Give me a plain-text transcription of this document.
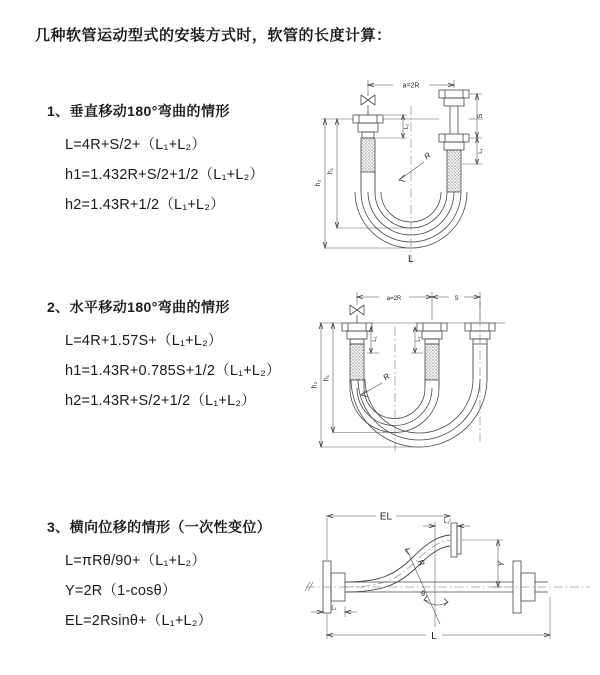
几种软管运动型式的安装方式时，软管的长度计算：
1、垂直移动180°弯曲的情形
L=4R+S/2+（L₁+L₂）
h1=1.432R+S/2+1/2（L₁+L₂）
h2=1.43R+1/2（L₁+L₂）
2、水平移动180°弯曲的情形
L=4R+1.57S+（L₁+L₂）
h1=1.43R+0.785S+1/2（L₁+L₂）
h2=1.43R+S/2+1/2（L₁+L₂）
3、横向位移的情形（一次性变位）
L=πRθ/90+（L₁+L₂）
Y=2R（1-cosθ）
EL=2Rsinθ+（L₁+L₂）
a=2R
h₂
h₁
L₁
S
L₁
R
L
a=2R	S
h₂
h₁
L₁	L₁
R
EL	L₁
θ
R	Y
L₁
L
